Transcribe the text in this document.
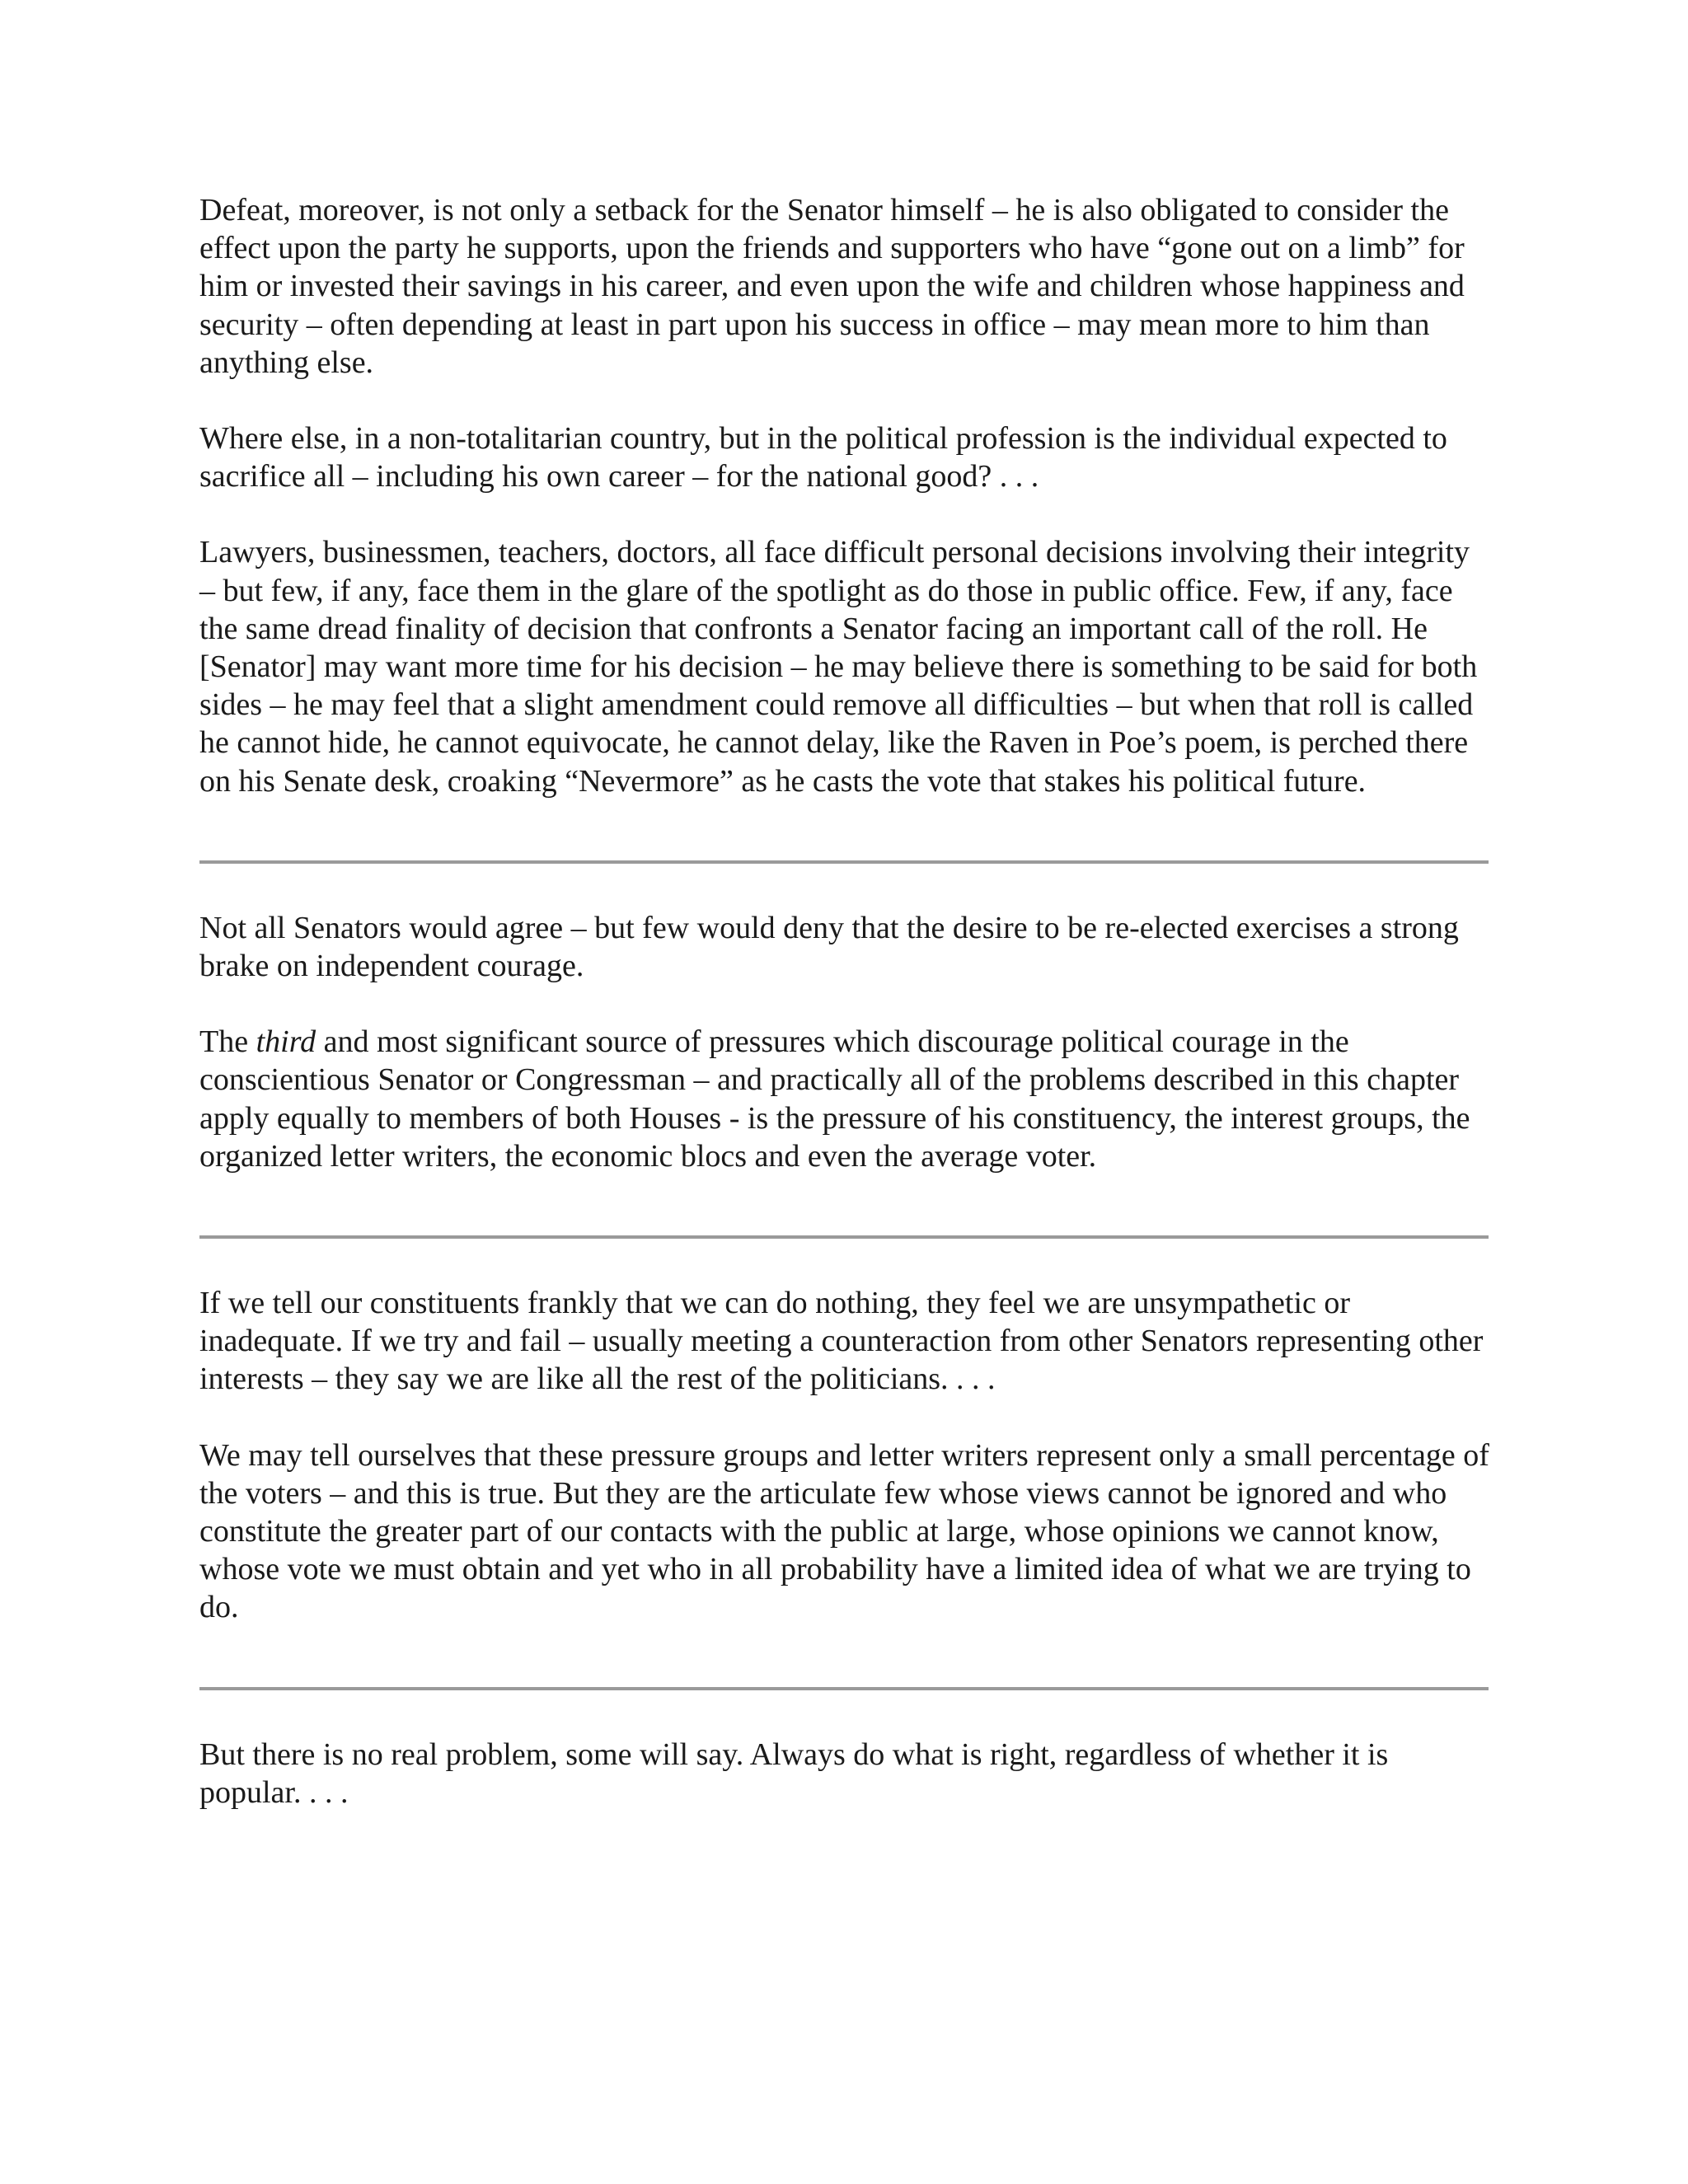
Defeat, moreover, is not only a setback for the Senator himself – he is also obligated to consider the effect upon the party he supports, upon the friends and supporters who have “gone out on a limb” for him or invested their savings in his career, and even upon the wife and children whose happiness and security – often depending at least in part upon his success in office – may mean more to him than anything else.

Where else, in a non-totalitarian country, but in the political profession is the individual expected to sacrifice all – including his own career – for the national good? . . .

Lawyers, businessmen, teachers, doctors, all face difficult personal decisions involving their integrity – but few, if any, face them in the glare of the spotlight as do those in public office. Few, if any, face the same dread finality of decision that confronts a Senator facing an important call of the roll. He [Senator] may want more time for his decision – he may believe there is something to be said for both sides – he may feel that a slight amendment could remove all difficulties – but when that roll is called he cannot hide, he cannot equivocate, he cannot delay, like the Raven in Poe’s poem, is perched there on his Senate desk, croaking “Nevermore” as he casts the vote that stakes his political future.

Not all Senators would agree – but few would deny that the desire to be re-elected exercises a strong brake on independent courage.

The third and most significant source of pressures which discourage political courage in the conscientious Senator or Congressman – and practically all of the problems described in this chapter apply equally to members of both Houses - is the pressure of his constituency, the interest groups, the organized letter writers, the economic blocs and even the average voter.

If we tell our constituents frankly that we can do nothing, they feel we are unsympathetic or inadequate. If we try and fail – usually meeting a counteraction from other Senators representing other interests – they say we are like all the rest of the politicians. . . .

We may tell ourselves that these pressure groups and letter writers represent only a small percentage of the voters – and this is true. But they are the articulate few whose views cannot be ignored and who constitute the greater part of our contacts with the public at large, whose opinions we cannot know, whose vote we must obtain and yet who in all probability have a limited idea of what we are trying to do.

But there is no real problem, some will say. Always do what is right, regardless of whether it is popular. . . .
